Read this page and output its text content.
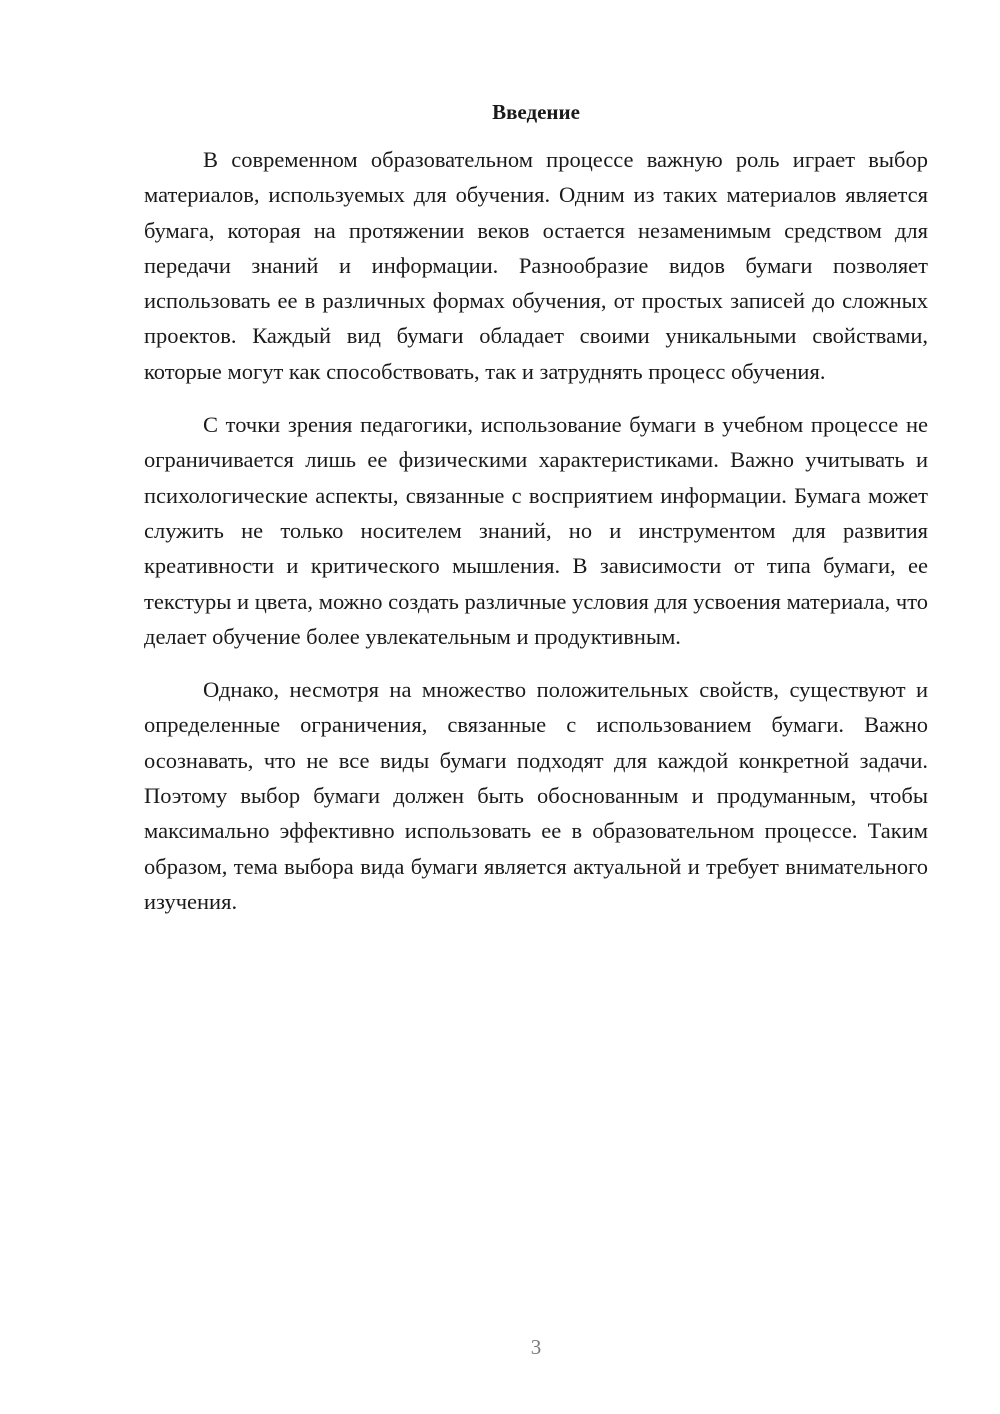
Введение

В современном образовательном процессе важную роль играет выбор материалов, используемых для обучения. Одним из таких материалов является бумага, которая на протяжении веков остается незаменимым средством для передачи знаний и информации. Разнообразие видов бумаги позволяет использовать ее в различных формах обучения, от простых записей до сложных проектов. Каждый вид бумаги обладает своими уникальными свойствами, которые могут как способствовать, так и затруднять процесс обучения.

С точки зрения педагогики, использование бумаги в учебном процессе не ограничивается лишь ее физическими характеристиками. Важно учитывать и психологические аспекты, связанные с восприятием информации. Бумага может служить не только носителем знаний, но и инструментом для развития креативности и критического мышления. В зависимости от типа бумаги, ее текстуры и цвета, можно создать различные условия для усвоения материала, что делает обучение более увлекательным и продуктивным.

Однако, несмотря на множество положительных свойств, существуют и определенные ограничения, связанные с использованием бумаги. Важно осознавать, что не все виды бумаги подходят для каждой конкретной задачи. Поэтому выбор бумаги должен быть обоснованным и продуманным, чтобы максимально эффективно использовать ее в образовательном процессе. Таким образом, тема выбора вида бумаги является актуальной и требует внимательного изучения.

3
